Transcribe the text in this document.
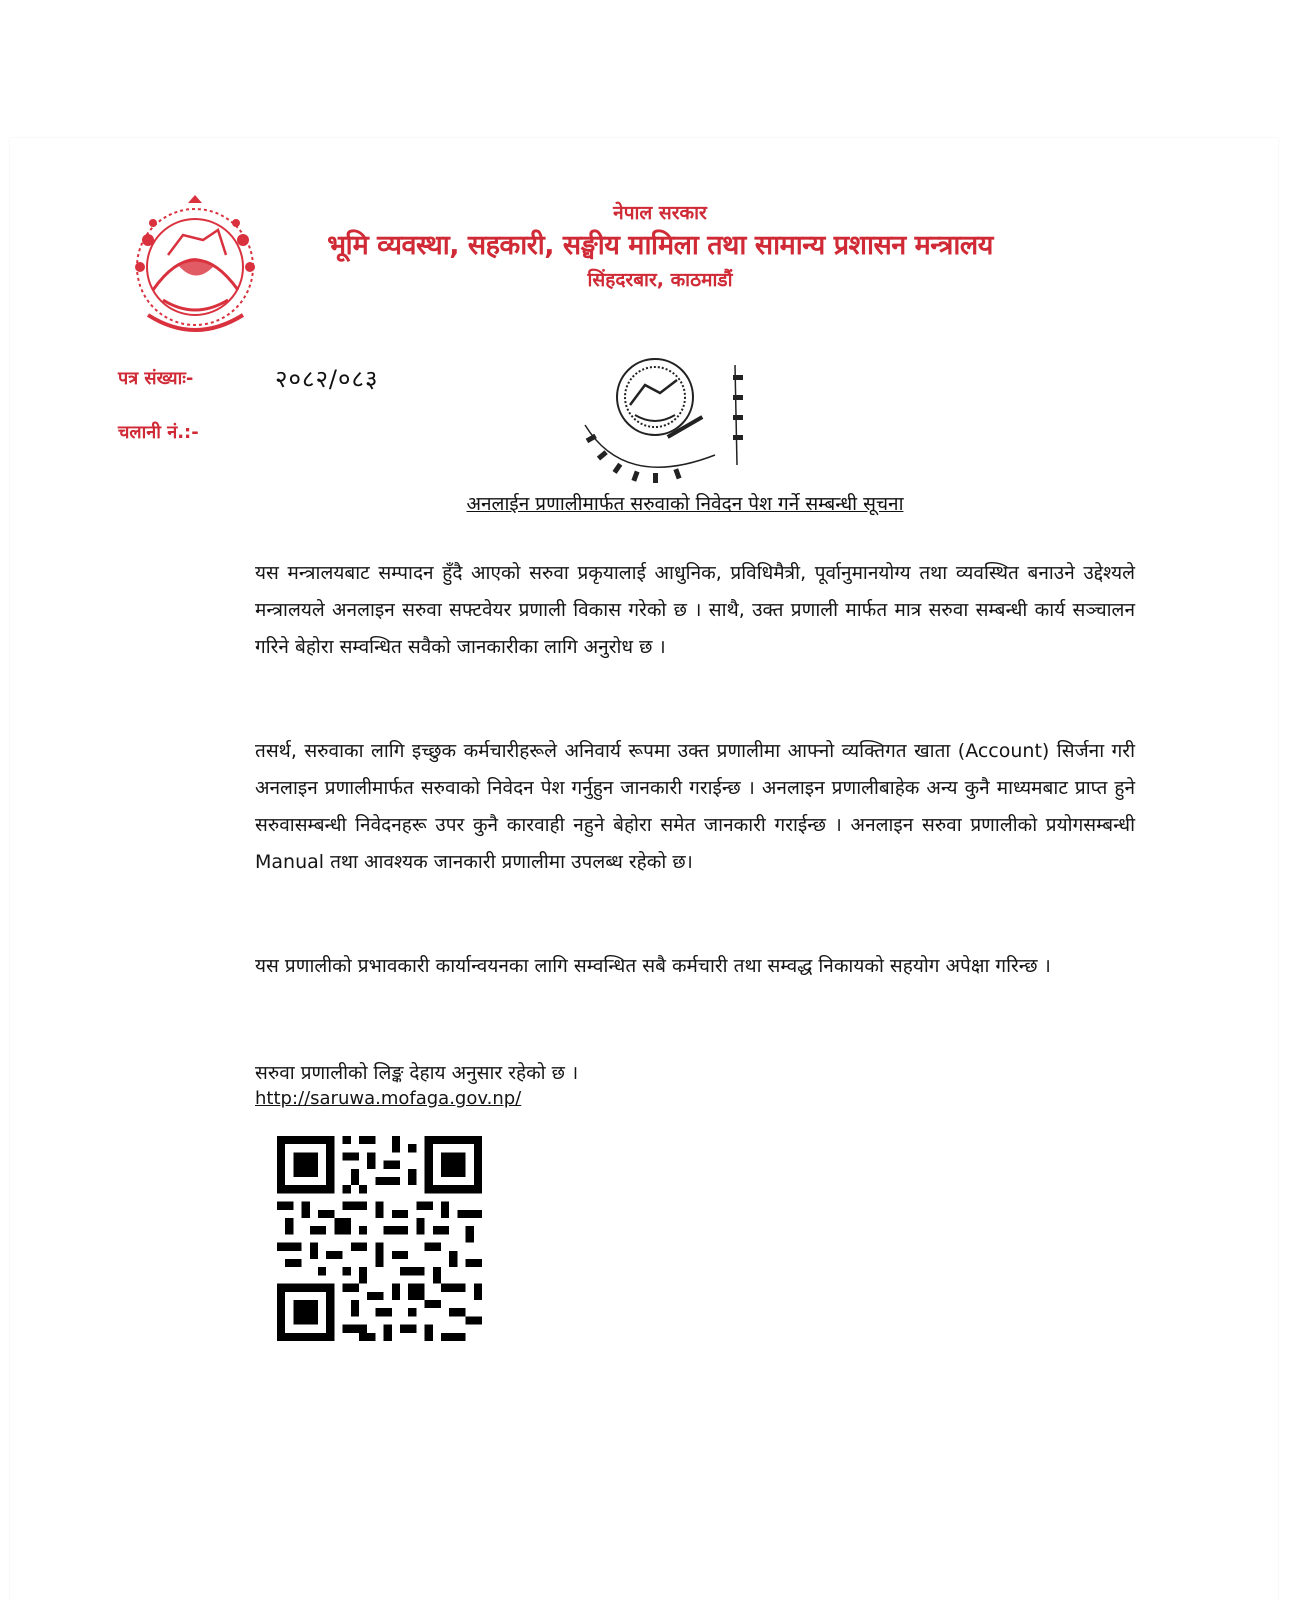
नेपाल सरकार
भूमि व्यवस्था, सहकारी, सङ्घीय मामिला तथा सामान्य प्रशासन मन्त्रालय
सिंहदरबार, काठमाडौं
पत्र संख्याः-	२०८२/०८३
चलानी नं.:-
अनलाईन प्रणालीमार्फत सरुवाको निवेदन पेश गर्ने सम्बन्धी सूचना
यस मन्त्रालयबाट सम्पादन हुँदै आएको सरुवा प्रकृयालाई आधुनिक, प्रविधिमैत्री, पूर्वानुमानयोग्य तथा व्यवस्थित बनाउने उद्देश्यले मन्त्रालयले अनलाइन सरुवा सफ्टवेयर प्रणाली विकास गरेको छ । साथै, उक्त प्रणाली मार्फत मात्र सरुवा सम्बन्धी कार्य सञ्चालन गरिने बेहोरा सम्वन्धित सवैको जानकारीका लागि अनुरोध छ ।
तसर्थ, सरुवाका लागि इच्छुक कर्मचारीहरूले अनिवार्य रूपमा उक्त प्रणालीमा आफ्नो व्यक्तिगत खाता (Account) सिर्जना गरी अनलाइन प्रणालीमार्फत सरुवाको निवेदन पेश गर्नुहुन जानकारी गराईन्छ । अनलाइन प्रणालीबाहेक अन्य कुनै माध्यमबाट प्राप्त हुने सरुवासम्बन्धी निवेदनहरू उपर कुनै कारवाही नहुने बेहोरा समेत जानकारी गराईन्छ । अनलाइन सरुवा प्रणालीको प्रयोगसम्बन्धी Manual तथा आवश्यक जानकारी प्रणालीमा उपलब्ध रहेको छ।
यस प्रणालीको प्रभावकारी कार्यान्वयनका लागि सम्वन्धित सबै कर्मचारी तथा सम्वद्ध निकायको सहयोग अपेक्षा गरिन्छ ।
सरुवा प्रणालीको लिङ्क देहाय अनुसार रहेको छ ।
http://saruwa.mofaga.gov.np/
